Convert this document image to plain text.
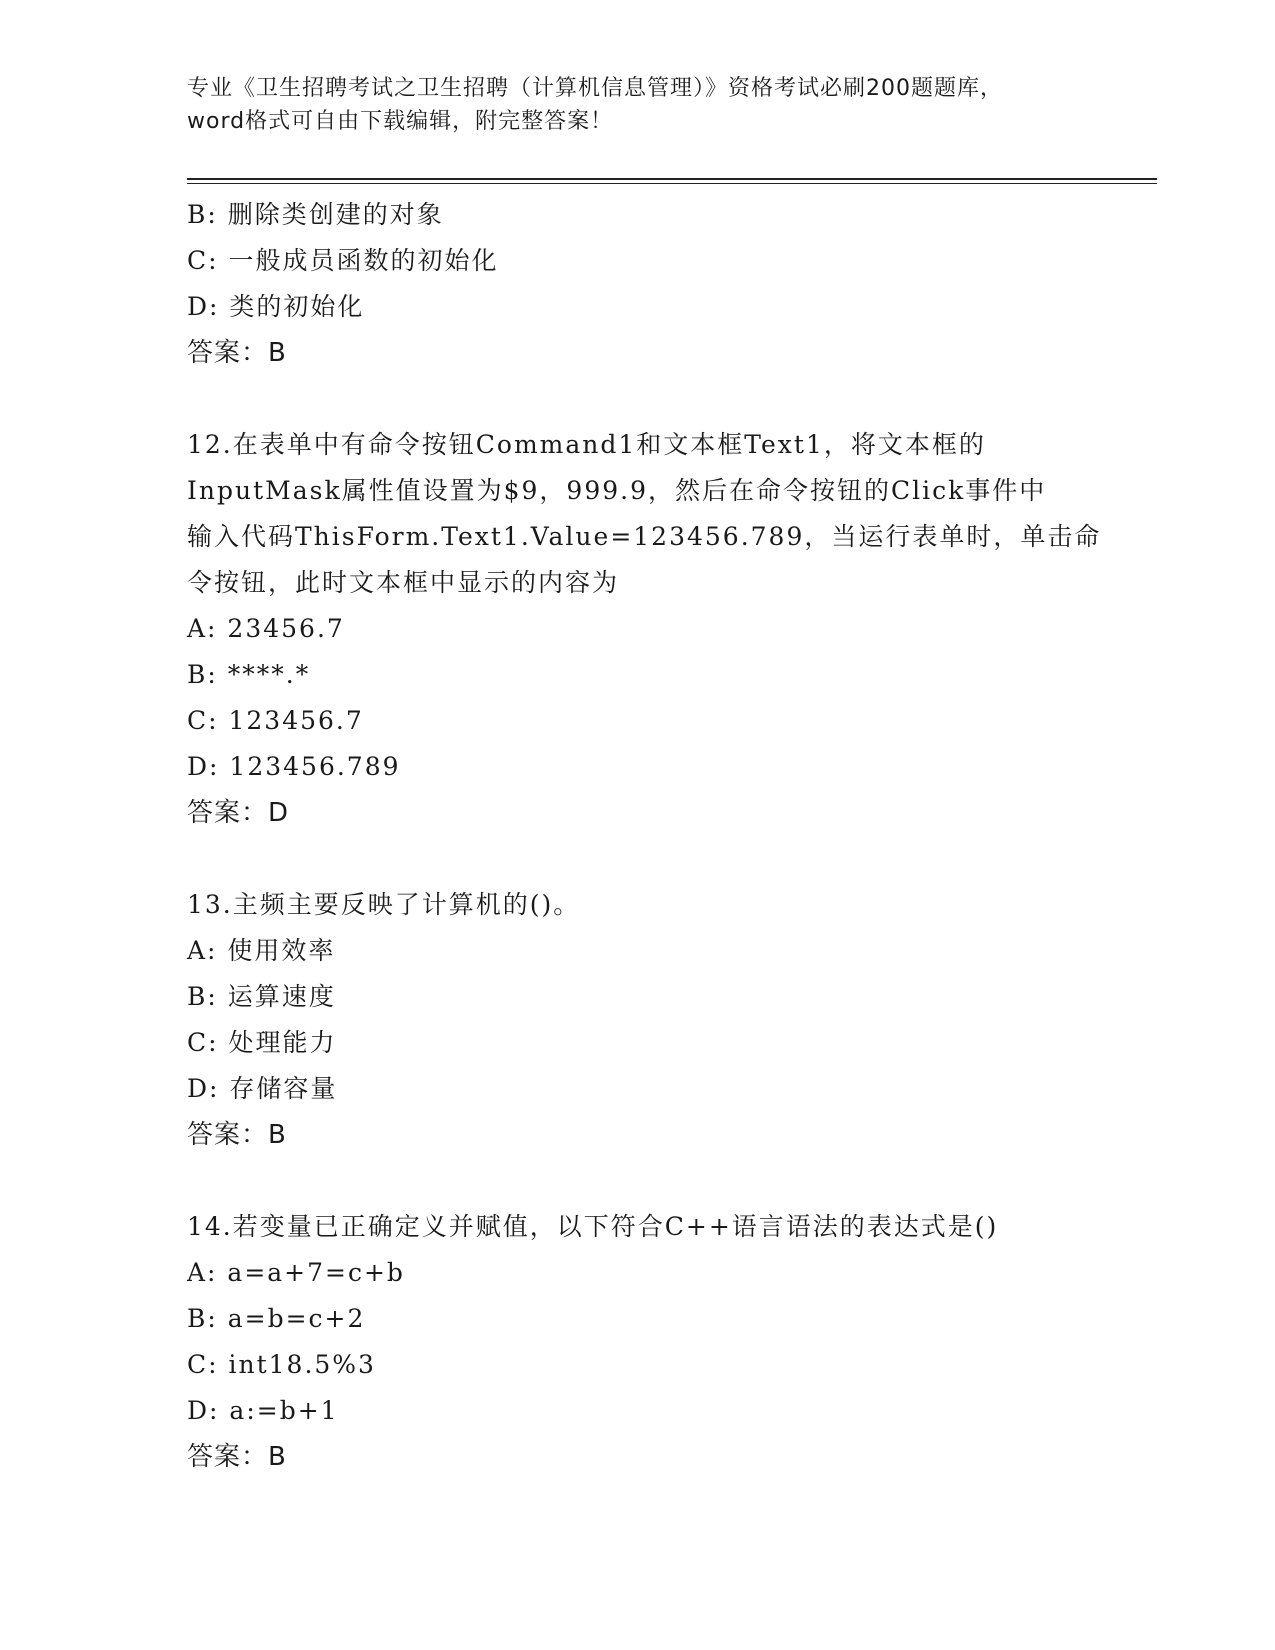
专业《卫生招聘考试之卫生招聘（计算机信息管理）》资格考试必刷200题题库，
word格式可自由下载编辑，附完整答案！
B: 删除类创建的对象
C: 一般成员函数的初始化
D: 类的初始化
答案：B
12.在表单中有命令按钮Command1和文本框Text1，将文本框的
InputMask属性值设置为$9，999.9，然后在命令按钮的Click事件中
输入代码ThisForm.Text1.Value=123456.789，当运行表单时，单击命
令按钮，此时文本框中显示的内容为
A: 23456.7
B: ****.*
C: 123456.7
D: 123456.789
答案：D
13.主频主要反映了计算机的()。
A: 使用效率
B: 运算速度
C: 处理能力
D: 存储容量
答案：B
14.若变量已正确定义并赋值，以下符合C++语言语法的表达式是()
A: a=a+7=c+b
B: a=b=c+2
C: int18.5%3
D: a:=b+1
答案：B
